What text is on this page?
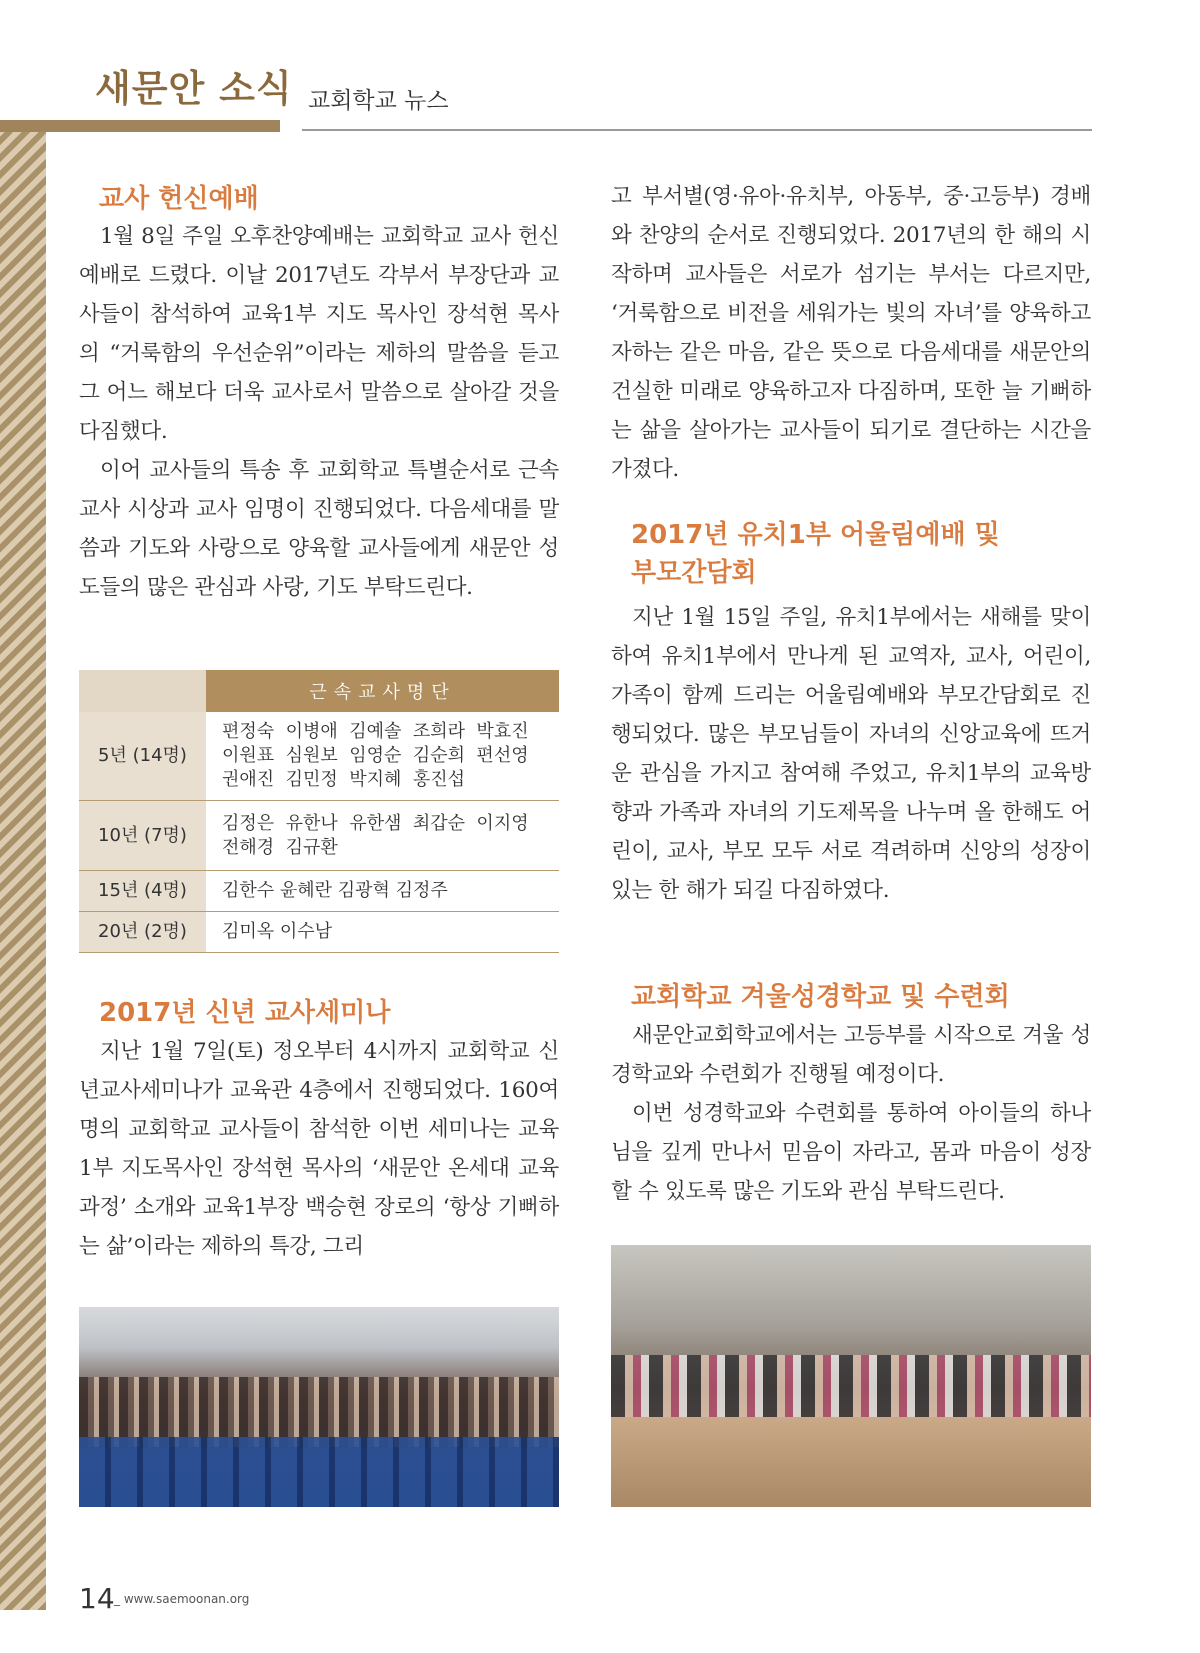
새문안 소식 교회학교 뉴스
교사 헌신예배

1월 8일 주일 오후찬양예배는 교회학교 교사 헌신예배로 드렸다. 이날 2017년도 각부서 부장단과 교사들이 참석하여 교육1부 지도 목사인 장석현 목사의 “거룩함의 우선순위”이라는 제하의 말씀을 듣고 그 어느 해보다 더욱 교사로서 말씀으로 살아갈 것을 다짐했다.

이어 교사들의 특송 후 교회학교 특별순서로 근속교사 시상과 교사 임명이 진행되었다. 다음세대를 말씀과 기도와 사랑으로 양육할 교사들에게 새문안 성도들의 많은 관심과 사랑, 기도 부탁드린다.

	근속교사명단
5년 (14명)	편정숙  이병애  김예솔  조희라  박효진
이원표  심원보  임영순  김순희  편선영
권애진  김민정  박지혜  홍진섭

10년 (7명)	김정은  유한나  유한샘  최갑순  이지영
전해경  김규환

15년 (4명)	김한수 윤혜란 김광혁 김정주
20년 (2명)	김미옥 이수남
2017년 신년 교사세미나

지난 1월 7일(토) 정오부터 4시까지 교회학교 신년교사세미나가 교육관 4층에서 진행되었다. 160여명의 교회학교 교사들이 참석한 이번 세미나는 교육1부 지도목사인 장석현 목사의 ‘새문안 온세대 교육과정’ 소개와 교육1부장 백승현 장로의 ‘항상 기뻐하는 삶’이라는 제하의 특강, 그리

고 부서별(영·유아·유치부, 아동부, 중·고등부) 경배와 찬양의 순서로 진행되었다. 2017년의 한 해의 시작하며 교사들은 서로가 섬기는 부서는 다르지만, ‘거룩함으로 비전을 세워가는 빛의 자녀’를 양육하고자하는 같은 마음, 같은 뜻으로 다음세대를 새문안의 건실한 미래로 양육하고자 다짐하며, 또한 늘 기뻐하는 삶을 살아가는 교사들이 되기로 결단하는 시간을 가졌다.

2017년 유치1부 어울림예배 및
부모간담회

지난 1월 15일 주일, 유치1부에서는 새해를 맞이하여 유치1부에서 만나게 된 교역자, 교사, 어린이, 가족이 함께 드리는 어울림예배와 부모간담회로 진행되었다. 많은 부모님들이 자녀의 신앙교육에 뜨거운 관심을 가지고 참여해 주었고, 유치1부의 교육방향과 가족과 자녀의 기도제목을 나누며 올 한해도 어린이, 교사, 부모 모두 서로 격려하며 신앙의 성장이 있는 한 해가 되길 다짐하였다.

교회학교 겨울성경학교 및 수련회

새문안교회학교에서는 고등부를 시작으로 겨울 성경학교와 수련회가 진행될 예정이다.

이번 성경학교와 수련회를 통하여 아이들의 하나님을 깊게 만나서 믿음이 자라고, 몸과 마음이 성장할 수 있도록 많은 기도와 관심 부탁드린다.

14 _ www.saemoonan.org
